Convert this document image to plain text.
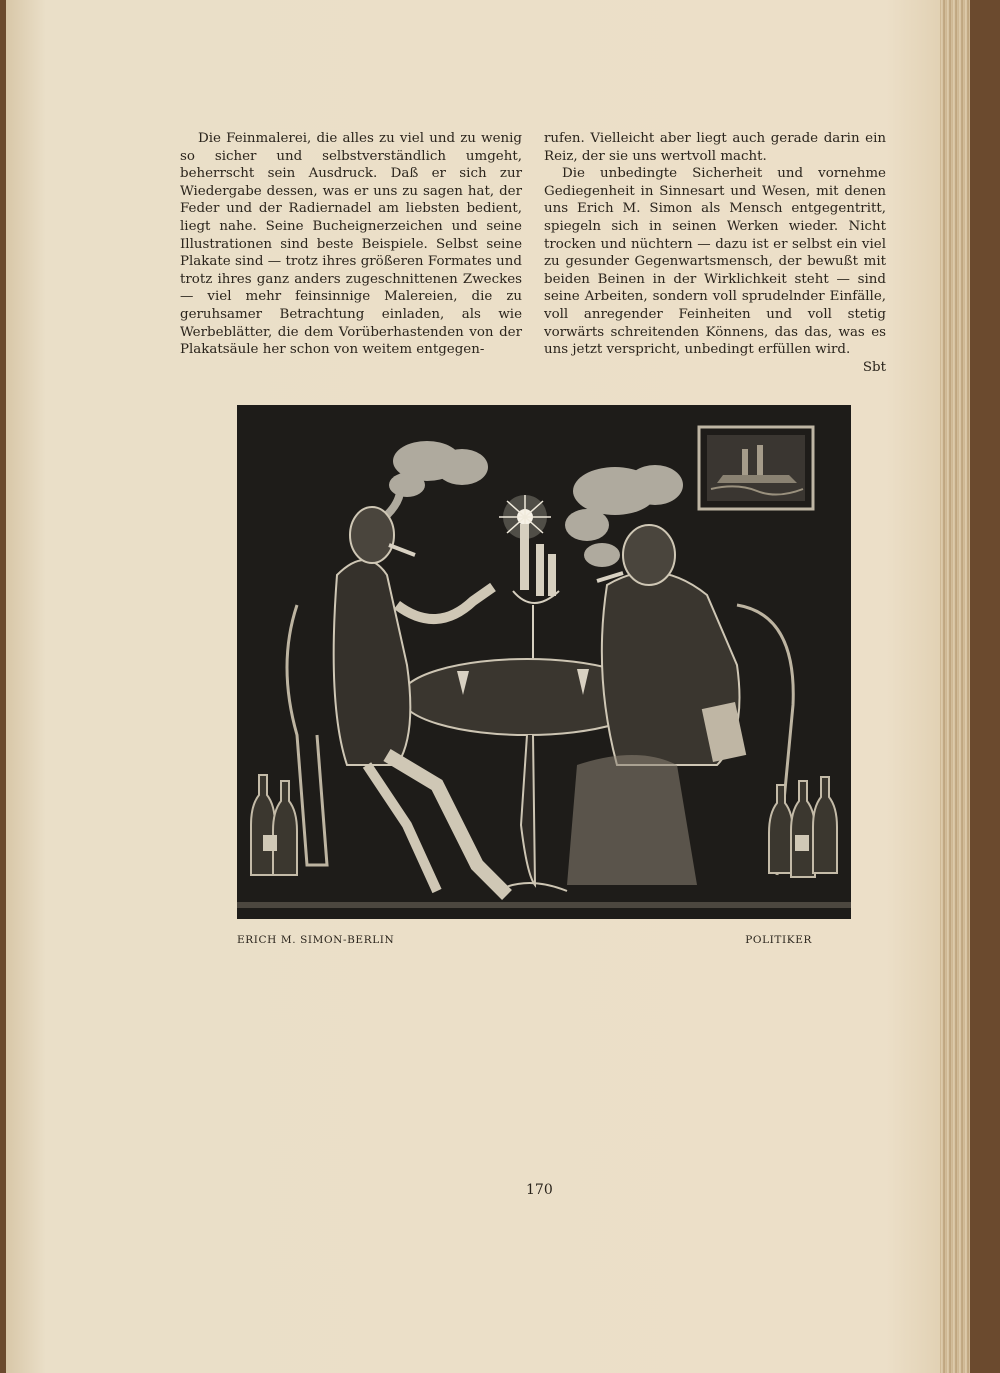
Die Feinmalerei, die alles zu viel und zu wenig so sicher und selbstverständlich umgeht, beherrscht sein Ausdruck. Daß er sich zur Wiedergabe dessen, was er uns zu sagen hat, der Feder und der Radiernadel am liebsten bedient, liegt nahe. Seine Bucheignerzeichen und seine Illustrationen sind beste Beispiele. Selbst seine Plakate sind — trotz ihres größeren Formates und trotz ihres ganz anders zugeschnittenen Zweckes — viel mehr feinsinnige Malereien, die zu geruhsamer Betrachtung einladen, als wie Werbeblätter, die dem Vorüberhastenden von der Plakatsäule her schon von weitem entgegen-

rufen. Vielleicht aber liegt auch gerade darin ein Reiz, der sie uns wertvoll macht.

Die unbedingte Sicherheit und vornehme Gediegenheit in Sinnesart und Wesen, mit denen uns Erich M. Simon als Mensch entgegentritt, spiegeln sich in seinen Werken wieder. Nicht trocken und nüchtern — dazu ist er selbst ein viel zu gesunder Gegenwartsmensch, der bewußt mit beiden Beinen in der Wirklichkeit steht — sind seine Arbeiten, sondern voll sprudelnder Einfälle, voll anregender Feinheiten und voll stetig vorwärts schreitenden Könnens, das das, was es uns jetzt verspricht, unbedingt erfüllen wird.
Sbt

ERICH M. SIMON-BERLIN	POLITIKER
170
